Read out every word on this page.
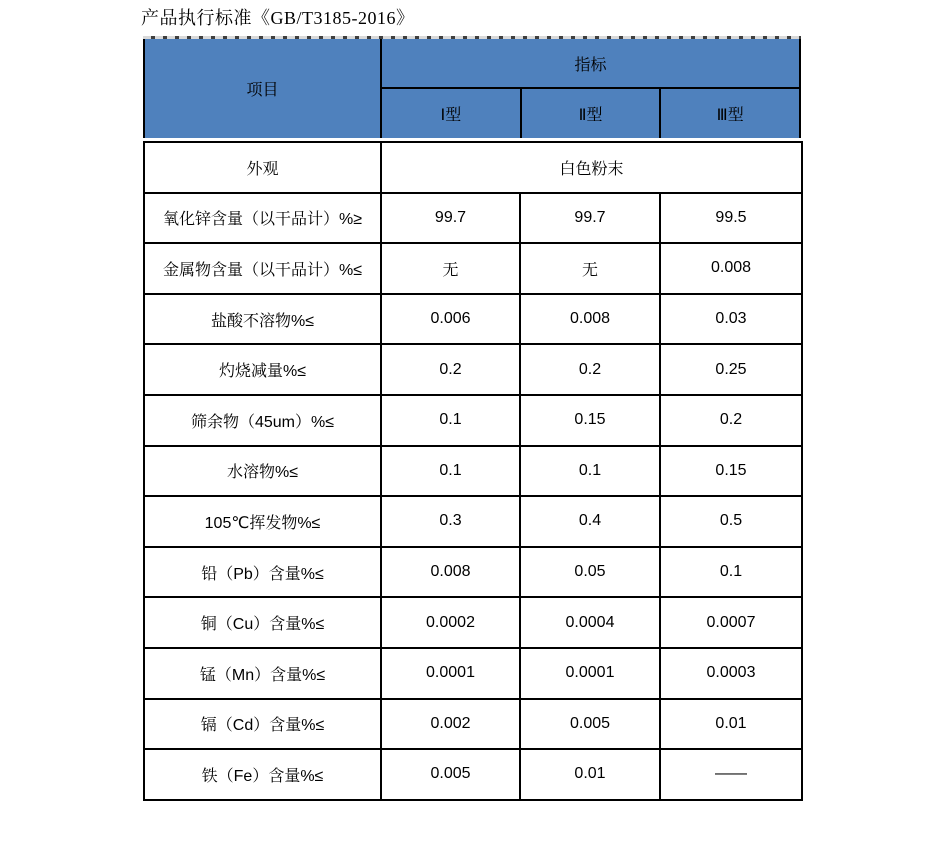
产品执行标准《GB/T3185-2016》
项目
指标
Ⅰ型	Ⅱ型	Ⅲ型
外观	白色粉末		
氧化锌含量（以干品计）%≥	99.7	99.7	99.5
金属物含量（以干品计）%≤	无	无	0.008
盐酸不溶物%≤	0.006	0.008	0.03
灼烧减量%≤	0.2	0.2	0.25
筛余物（45um）%≤	0.1	0.15	0.2
水溶物%≤	0.1	0.1	0.15
105℃挥发物%≤	0.3	0.4	0.5
铅（Pb）含量%≤	0.008	0.05	0.1
铜（Cu）含量%≤	0.0002	0.0004	0.0007
锰（Mn）含量%≤	0.0001	0.0001	0.0003
镉（Cd）含量%≤	0.002	0.005	0.01
铁（Fe）含量%≤	0.005	0.01	——
